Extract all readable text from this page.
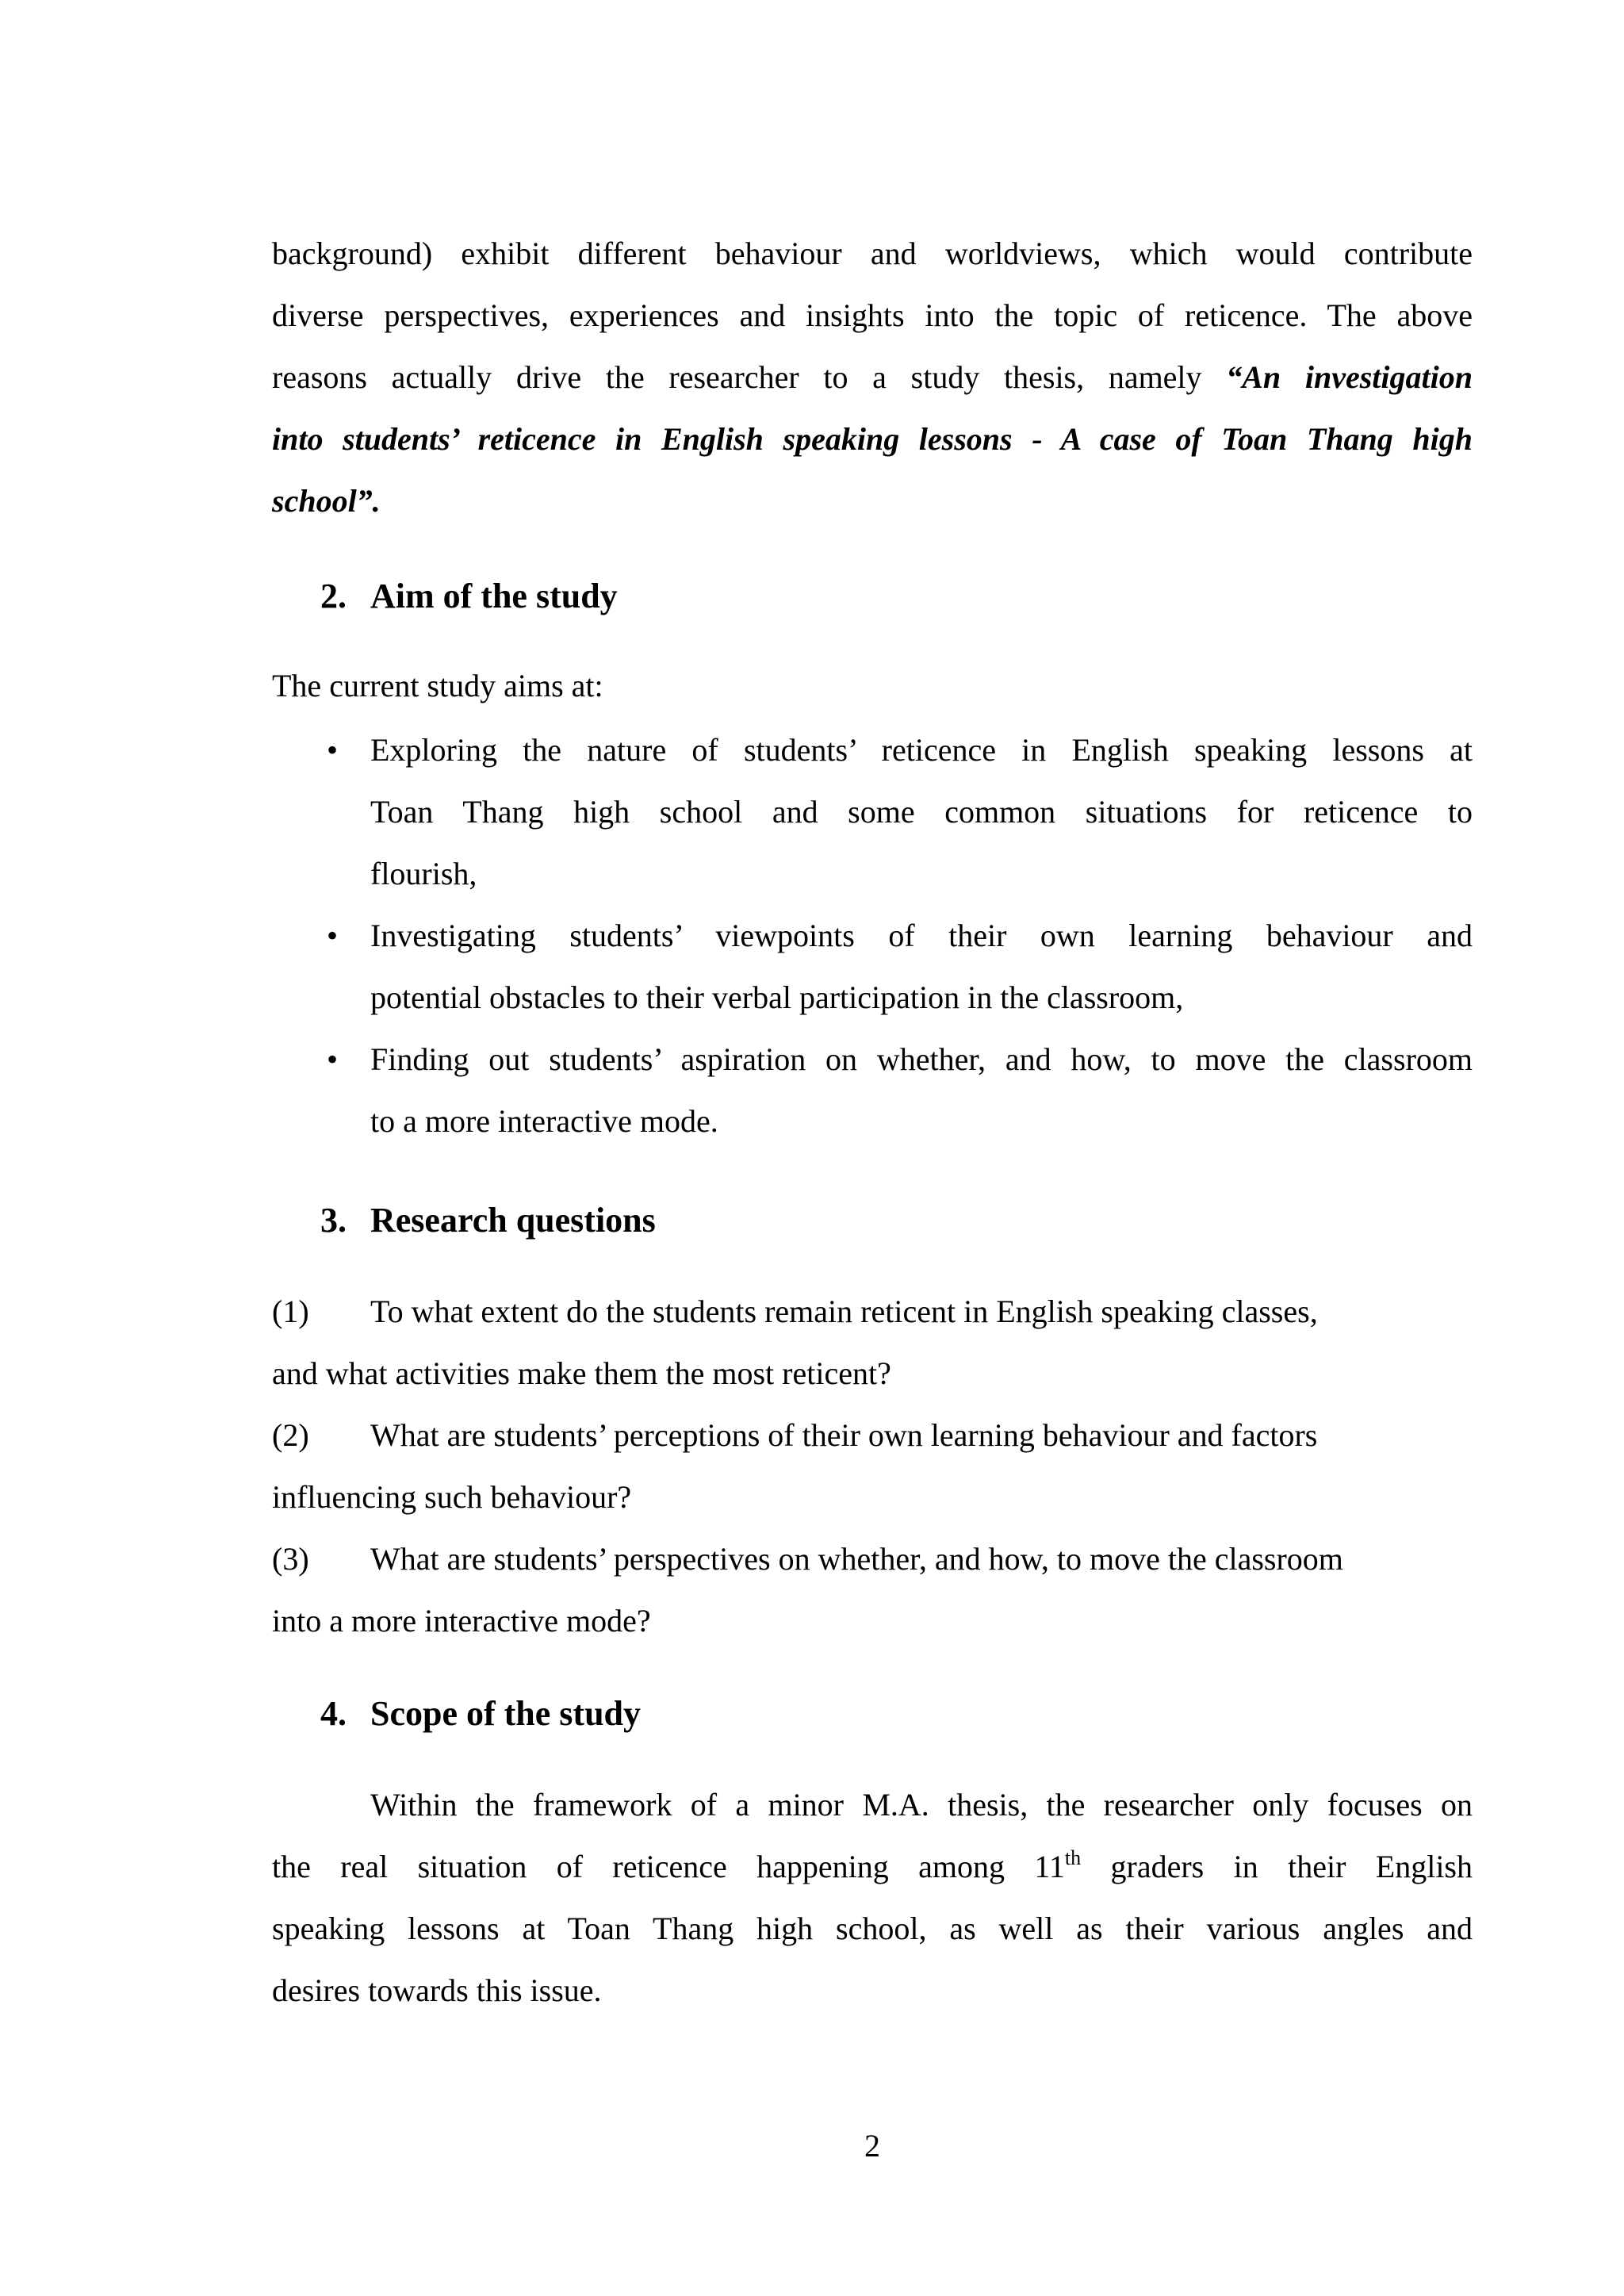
background) exhibit different behaviour and worldviews, which would contribute
diverse perspectives, experiences and insights into the topic of reticence. The above
reasons actually drive the researcher to a study thesis, namely “An investigation
into students’ reticence in English speaking lessons - A case of Toan Thang high
school”.
2. Aim of the study
The current study aims at:
• Exploring the nature of students’ reticence in English speaking lessons at
Toan Thang high school and some common situations for reticence to
flourish,
• Investigating students’ viewpoints of their own learning behaviour and
potential obstacles to their verbal participation in the classroom,
• Finding out students’ aspiration on whether, and how, to move the classroom
to a more interactive mode.
3. Research questions
(1)	To what extent do the students remain reticent in English speaking classes,
and what activities make them the most reticent?
(2)	What are students’ perceptions of their own learning behaviour and factors
influencing such behaviour?
(3)	What are students’ perspectives on whether, and how, to move the classroom
into a more interactive mode?
4. Scope of the study
Within the framework of a minor M.A. thesis, the researcher only focuses on
the real situation of reticence happening among 11th graders in their English
speaking lessons at Toan Thang high school, as well as their various angles and
desires towards this issue.
2
